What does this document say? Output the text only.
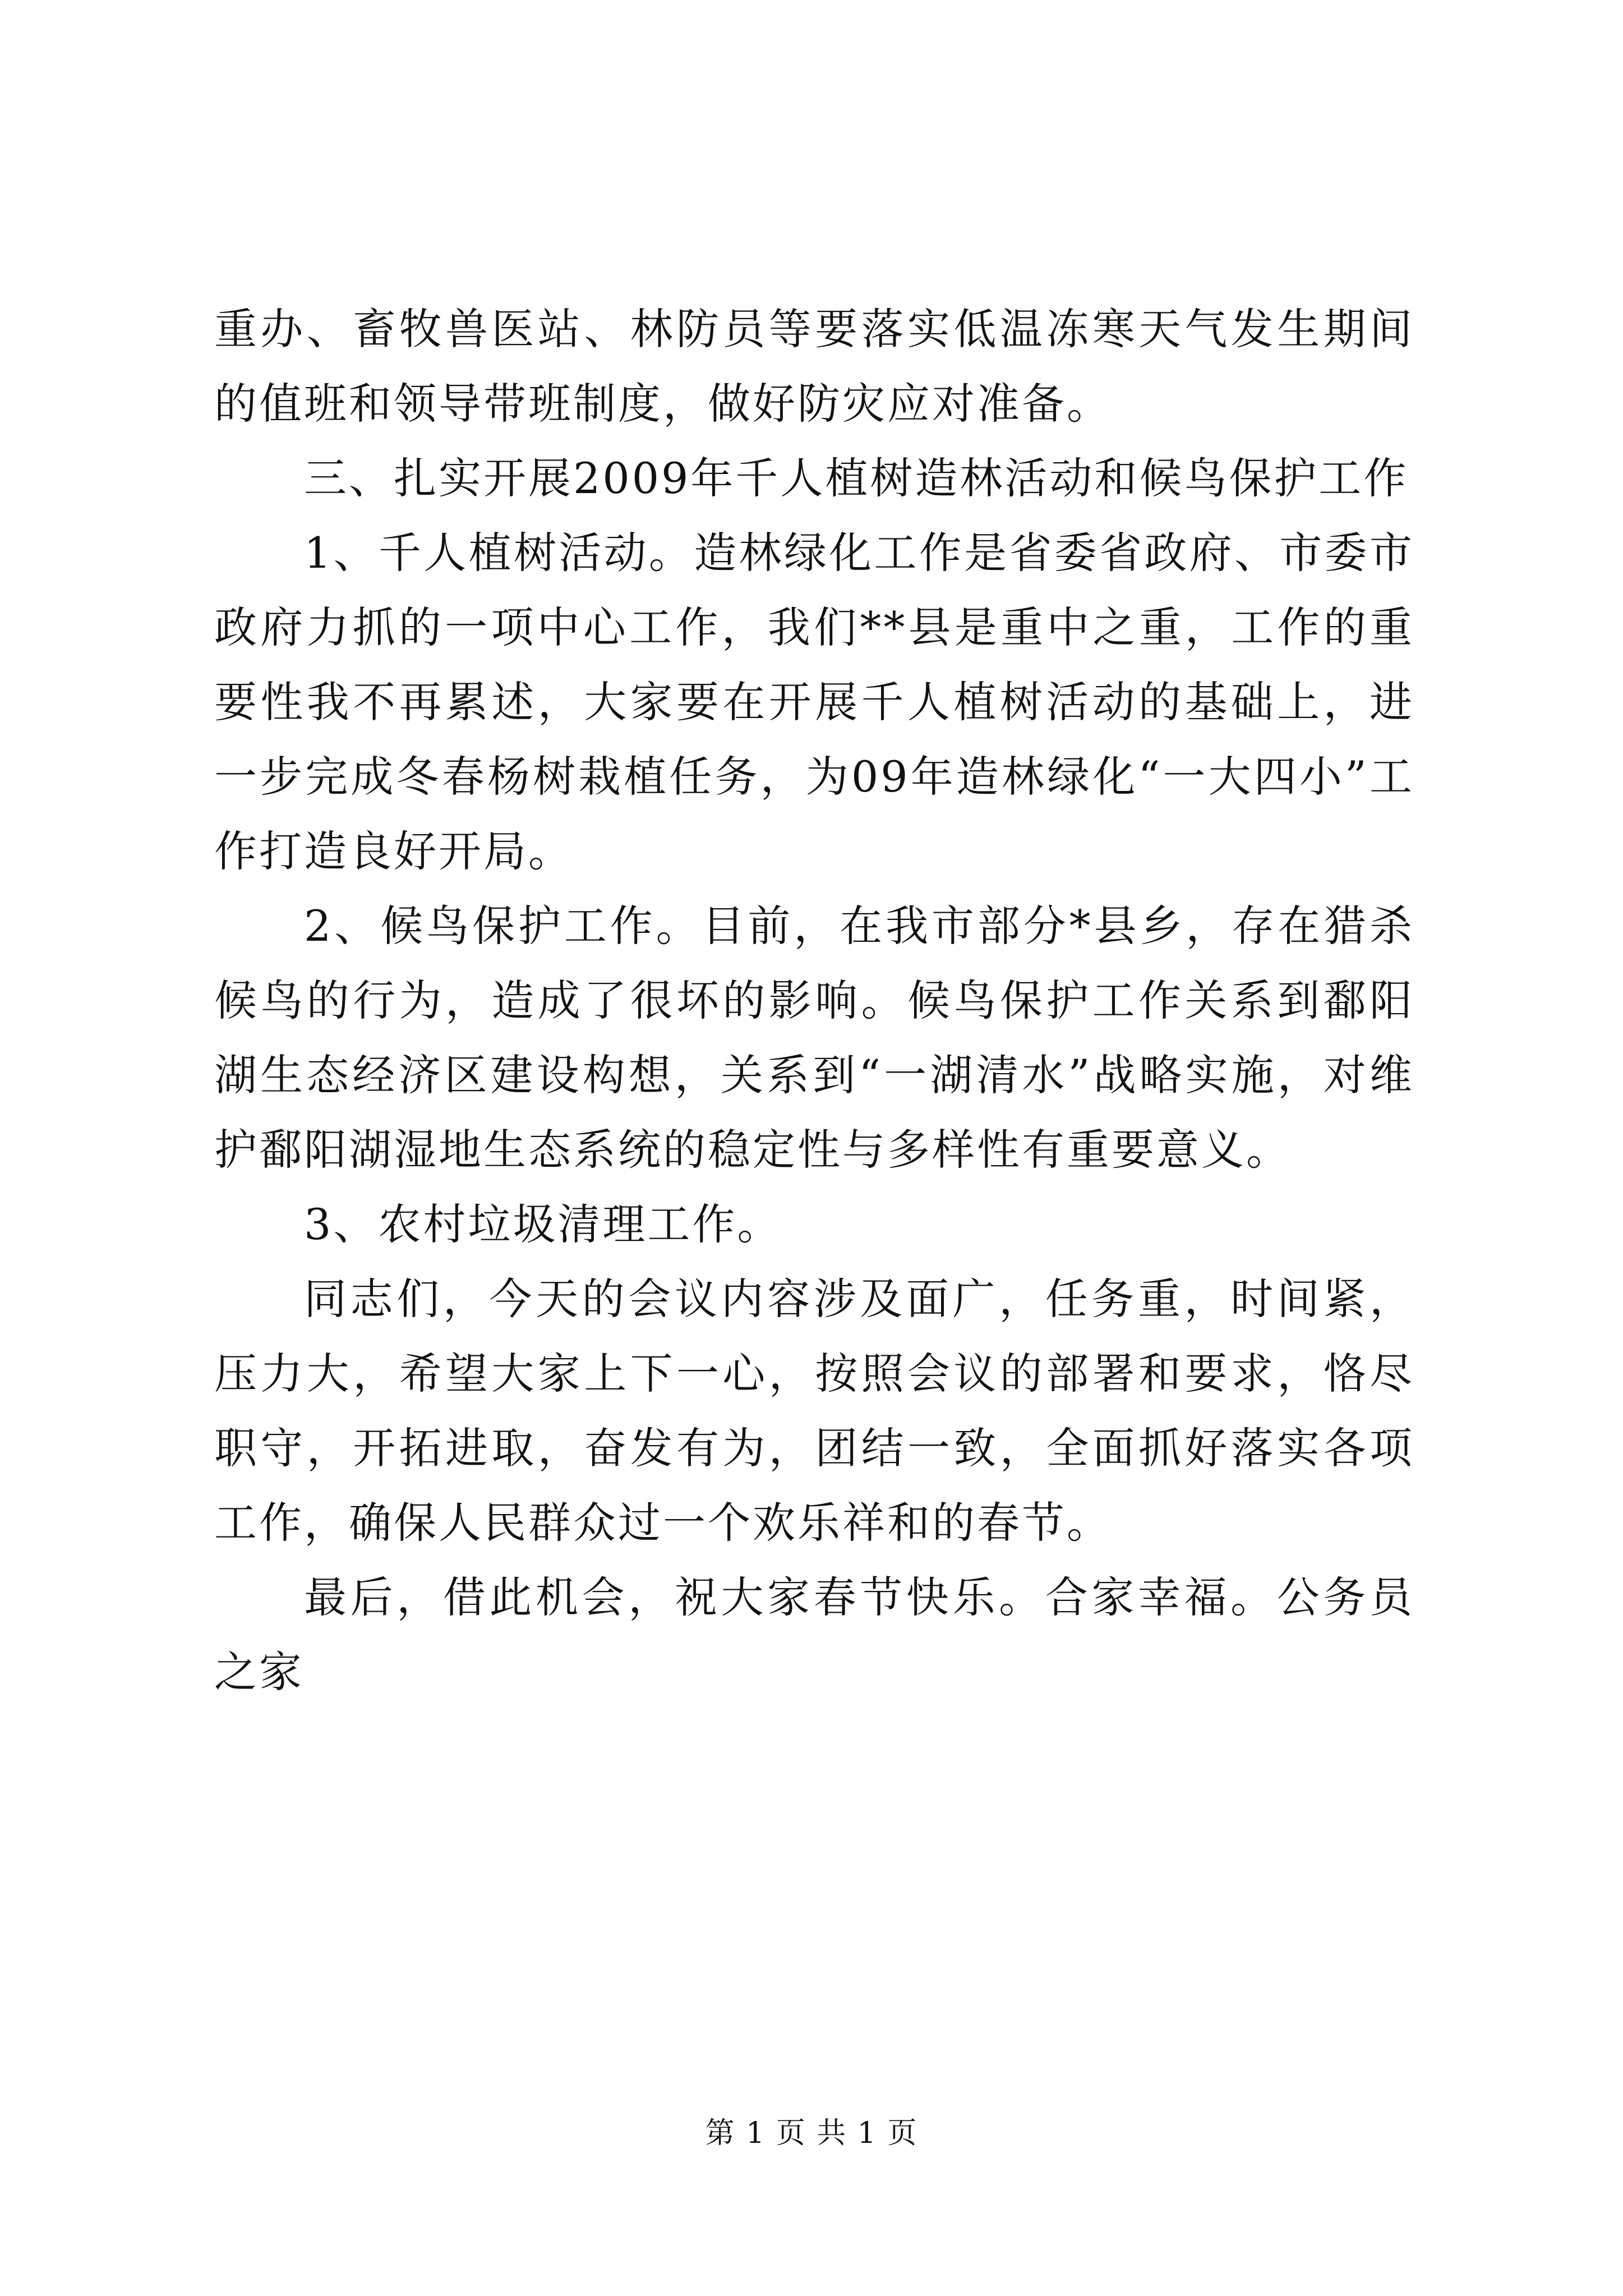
重办、畜牧兽医站、林防员等要落实低温冻寒天气发生期间的值班和领导带班制度，做好防灾应对准备。

三、扎实开展2009年千人植树造林活动和候鸟保护工作

1、千人植树活动。造林绿化工作是省委省政府、市委市政府力抓的一项中心工作，我们**县是重中之重，工作的重要性我不再累述，大家要在开展千人植树活动的基础上，进一步完成冬春杨树栽植任务，为09年造林绿化“一大四小”工作打造良好开局。

2、候鸟保护工作。目前，在我市部分*县乡，存在猎杀候鸟的行为，造成了很坏的影响。候鸟保护工作关系到鄱阳湖生态经济区建设构想，关系到“一湖清水”战略实施，对维护鄱阳湖湿地生态系统的稳定性与多样性有重要意义。

3、农村垃圾清理工作。

同志们，今天的会议内容涉及面广，任务重，时间紧，压力大，希望大家上下一心，按照会议的部署和要求，恪尽职守，开拓进取，奋发有为，团结一致，全面抓好落实各项工作，确保人民群众过一个欢乐祥和的春节。

最后，借此机会，祝大家春节快乐。合家幸福。公务员之家

第 1 页 共 1 页
